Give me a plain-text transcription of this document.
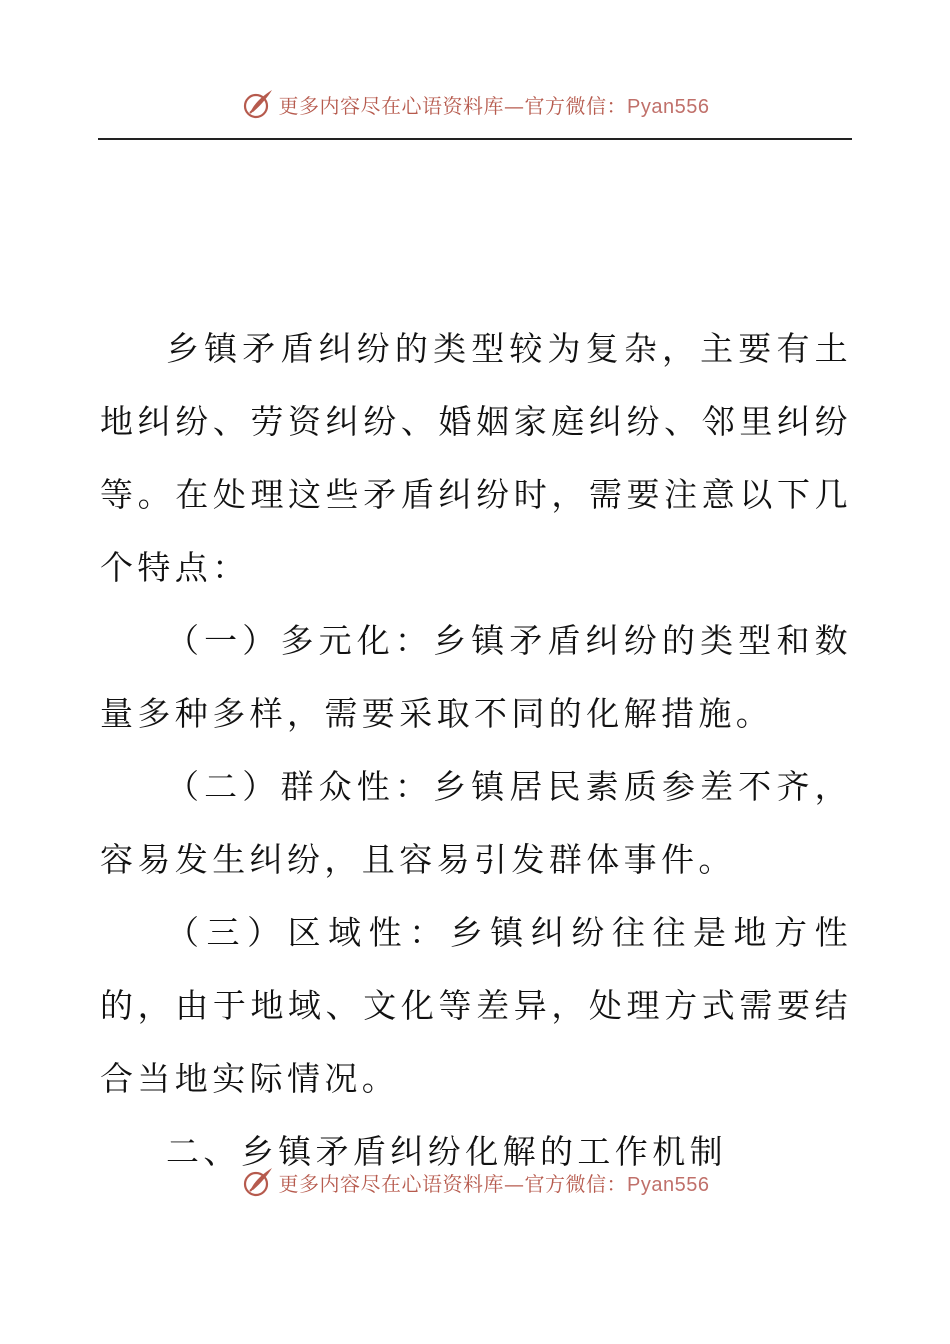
更多内容尽在心语资料库—官方微信：Pyan556

乡镇矛盾纠纷的类型较为复杂，主要有土地纠纷、劳资纠纷、婚姻家庭纠纷、邻里纠纷等。在处理这些矛盾纠纷时，需要注意以下几个特点：

（一）多元化：乡镇矛盾纠纷的类型和数量多种多样，需要采取不同的化解措施。

（二）群众性：乡镇居民素质参差不齐，容易发生纠纷，且容易引发群体事件。

（三）区域性：乡镇纠纷往往是地方性的，由于地域、文化等差异，处理方式需要结合当地实际情况。

二、乡镇矛盾纠纷化解的工作机制

更多内容尽在心语资料库—官方微信：Pyan556
